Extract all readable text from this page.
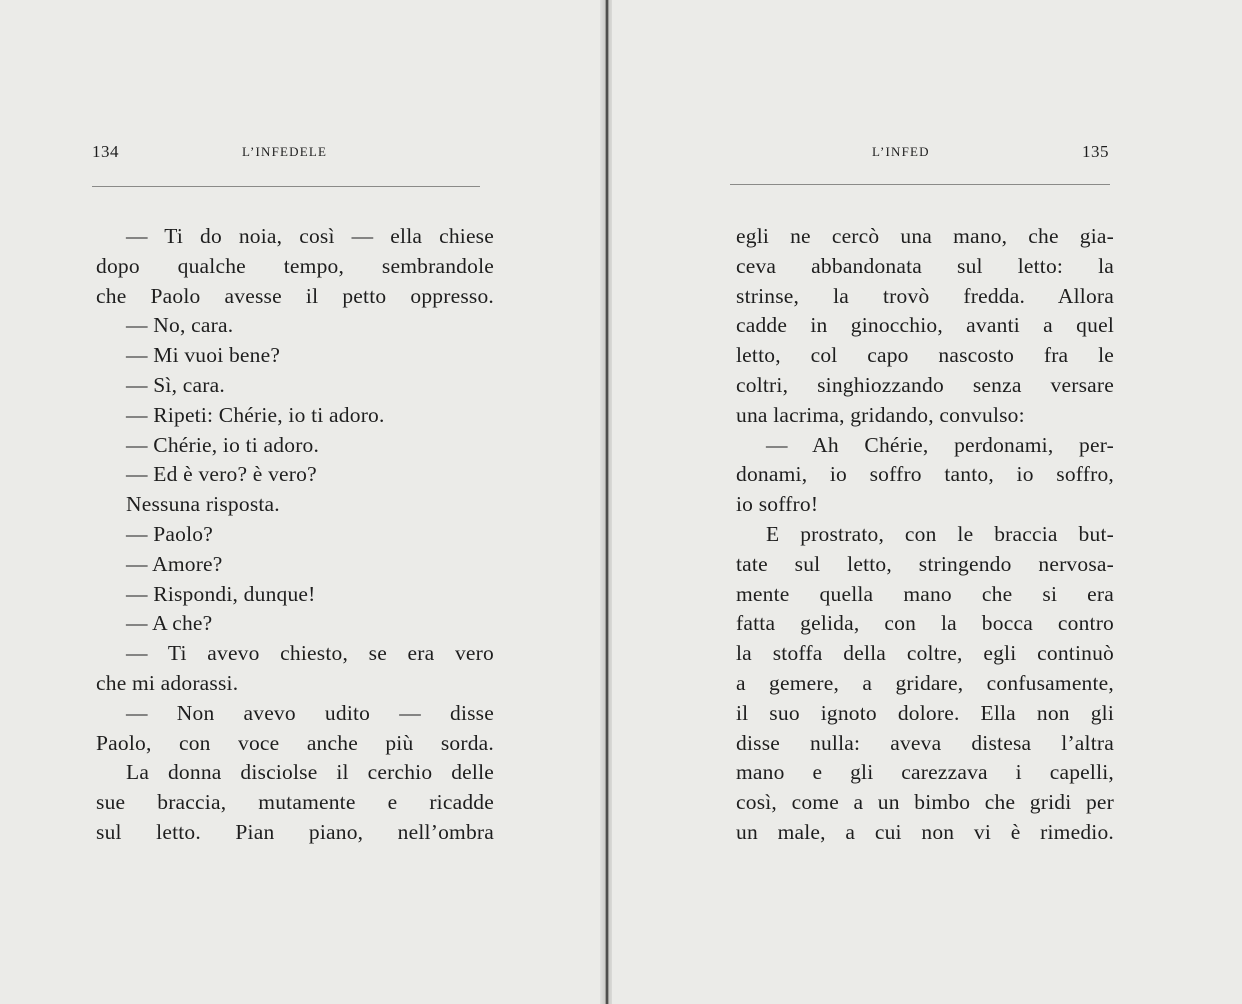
134	L’INFEDELE
— Ti do noia, così — ella chiese
dopo qualche tempo, sembrandole
che Paolo avesse il petto oppresso.
— No, cara.
— Mi vuoi bene?
— Sì, cara.
— Ripeti: Chérie, io ti adoro.
— Chérie, io ti adoro.
— Ed è vero? è vero?
Nessuna risposta.
— Paolo?
— Amore?
— Rispondi, dunque!
— A che?
— Ti avevo chiesto, se era vero
che mi adorassi.
— Non avevo udito — disse
Paolo, con voce anche più sorda.
La donna disciolse il cerchio delle
sue braccia, mutamente e ricadde
sul letto. Pian piano, nell’ombra
L’INFED	135
egli ne cercò una mano, che gia-
ceva abbandonata sul letto: la
strinse, la trovò fredda. Allora
cadde in ginocchio, avanti a quel
letto, col capo nascosto fra le
coltri, singhiozzando senza versare
una lacrima, gridando, convulso:
— Ah Chérie, perdonami, per-
donami, io soffro tanto, io soffro,
io soffro!
E prostrato, con le braccia but-
tate sul letto, stringendo nervosa-
mente quella mano che si era
fatta gelida, con la bocca contro
la stoffa della coltre, egli continuò
a gemere, a gridare, confusamente,
il suo ignoto dolore. Ella non gli
disse nulla: aveva distesa l’altra
mano e gli carezzava i capelli,
così, come a un bimbo che gridi per
un male, a cui non vi è rimedio.
